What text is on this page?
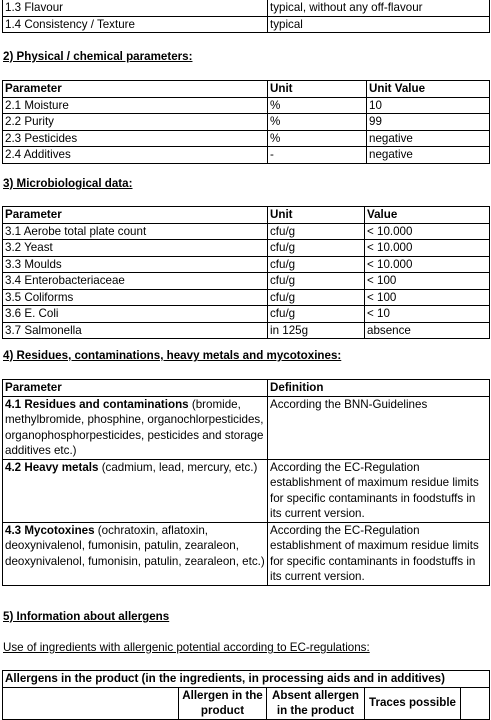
1.3 Flavour	typical, without any off-flavour
1.4 Consistency / Texture	typical
2) Physical / chemical parameters:
Parameter	Unit	Unit Value
2.1 Moisture	%	10
2.2 Purity	%	99
2.3 Pesticides	%	negative
2.4 Additives	-	negative
3) Microbiological data:
Parameter	Unit	Value
3.1 Aerobe total plate count	cfu/g	< 10.000
3.2 Yeast	cfu/g	< 10.000
3.3 Moulds	cfu/g	< 10.000
3.4 Enterobacteriaceae	cfu/g	< 100
3.5 Coliforms	cfu/g	< 100
3.6 E. Coli	cfu/g	< 10
3.7 Salmonella	in 125g	absence
4) Residues, contaminations, heavy metals and mycotoxines:
Parameter	Definition
4.1 Residues and contaminations (bromide, methylbromide, phosphine, organochlorpesticides, organophosphorpesticides, pesticides and storage additives etc.)	According the BNN-Guidelines
4.2 Heavy metals (cadmium, lead, mercury, etc.)	According the EC-Regulation establishment of maximum residue limits for specific contaminants in foodstuffs in its current version.
4.3 Mycotoxines (ochratoxin, aflatoxin, deoxynivalenol, fumonisin, patulin, zearaleon, deoxynivalenol, fumonisin, patulin, zearaleon, etc.)	According the EC-Regulation establishment of maximum residue limits for specific contaminants in foodstuffs in its current version.
5) Information about allergens
Use of ingredients with allergenic potential according to EC-regulations:
Allergens in the product (in the ingredients, in processing aids and in additives)
	Allergen in the product	Absent allergen in the product	Traces possible	
